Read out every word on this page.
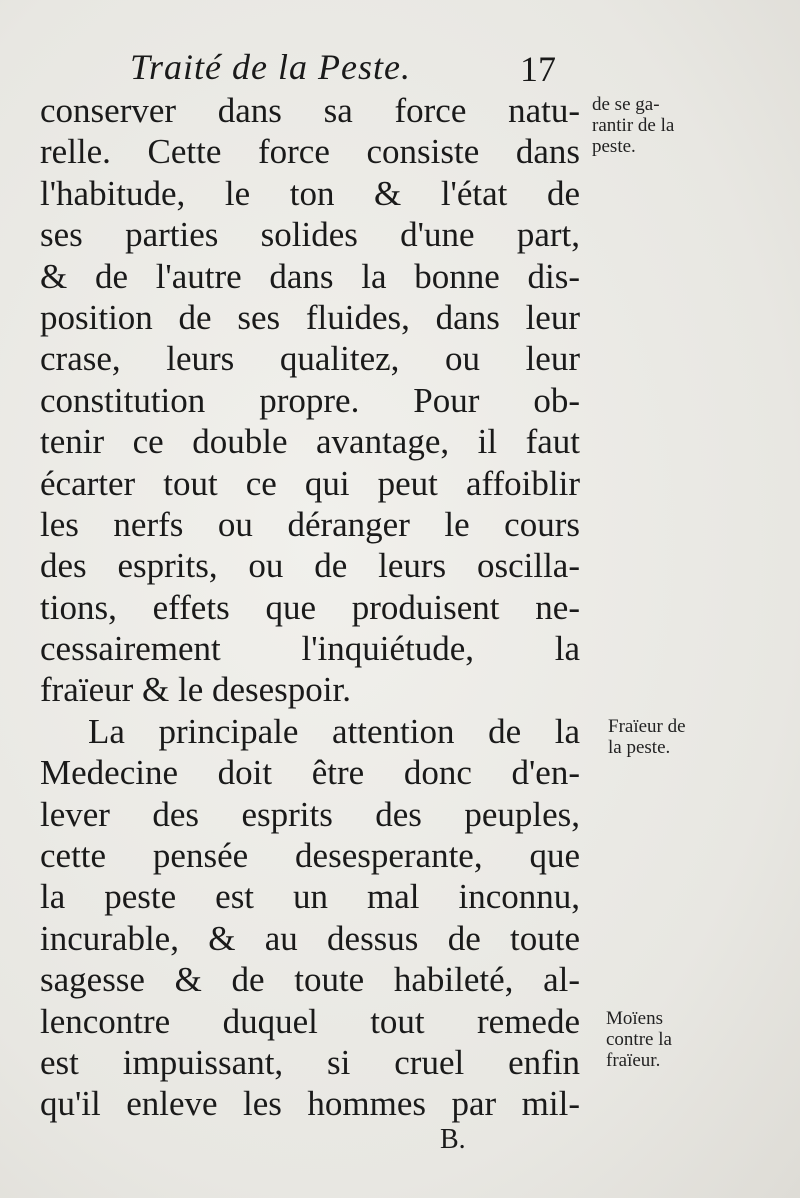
Traité de la Peste.	17
conserver dans sa force natu-
relle. Cette force consiste dans
l'habitude, le ton & l'état de
ses parties solides d'une part,
& de l'autre dans la bonne dis-
position de ses fluides, dans leur
crase, leurs qualitez, ou leur
constitution propre. Pour ob-
tenir ce double avantage, il faut
écarter tout ce qui peut affoiblir
les nerfs ou déranger le cours
des esprits, ou de leurs oscilla-
tions, effets que produisent ne-
cessairement l'inquiétude, la
fraïeur & le desespoir.
La principale attention de la
Medecine doit être donc d'en-
lever des esprits des peuples,
cette pensée desesperante, que
la peste est un mal inconnu,
incurable, & au dessus de toute
sagesse & de toute habileté, al-
lencontre duquel tout remede
est impuissant, si cruel enfin
qu'il enleve les hommes par mil-
de se ga-
rantir de la
peste.
Fraïeur de
la peste.
Moïens
contre la
fraïeur.
B.
